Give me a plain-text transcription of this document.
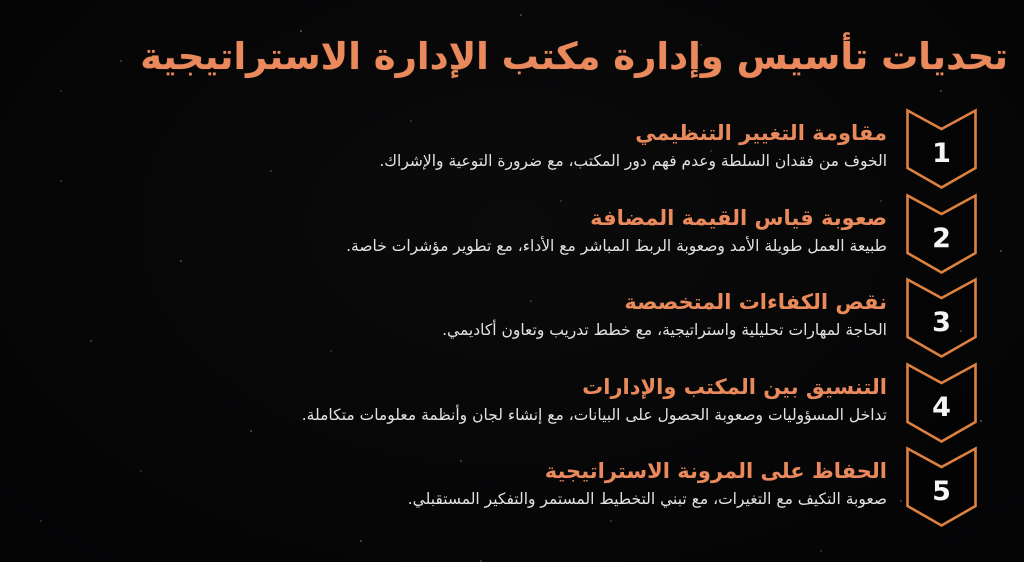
تحديات تأسيس وإدارة مكتب الإدارة الاستراتيجية
1
مقاومة التغيير التنظيمي
الخوف من فقدان السلطة وعدم فهم دور المكتب، مع ضرورة التوعية والإشراك.
2
صعوبة قياس القيمة المضافة
طبيعة العمل طويلة الأمد وصعوبة الربط المباشر مع الأداء، مع تطوير مؤشرات خاصة.
3
نقص الكفاءات المتخصصة
الحاجة لمهارات تحليلية واستراتيجية، مع خطط تدريب وتعاون أكاديمي.
4
التنسيق بين المكتب والإدارات
تداخل المسؤوليات وصعوبة الحصول على البيانات، مع إنشاء لجان وأنظمة معلومات متكاملة.
5
الحفاظ على المرونة الاستراتيجية
صعوبة التكيف مع التغيرات، مع تبني التخطيط المستمر والتفكير المستقبلي.
